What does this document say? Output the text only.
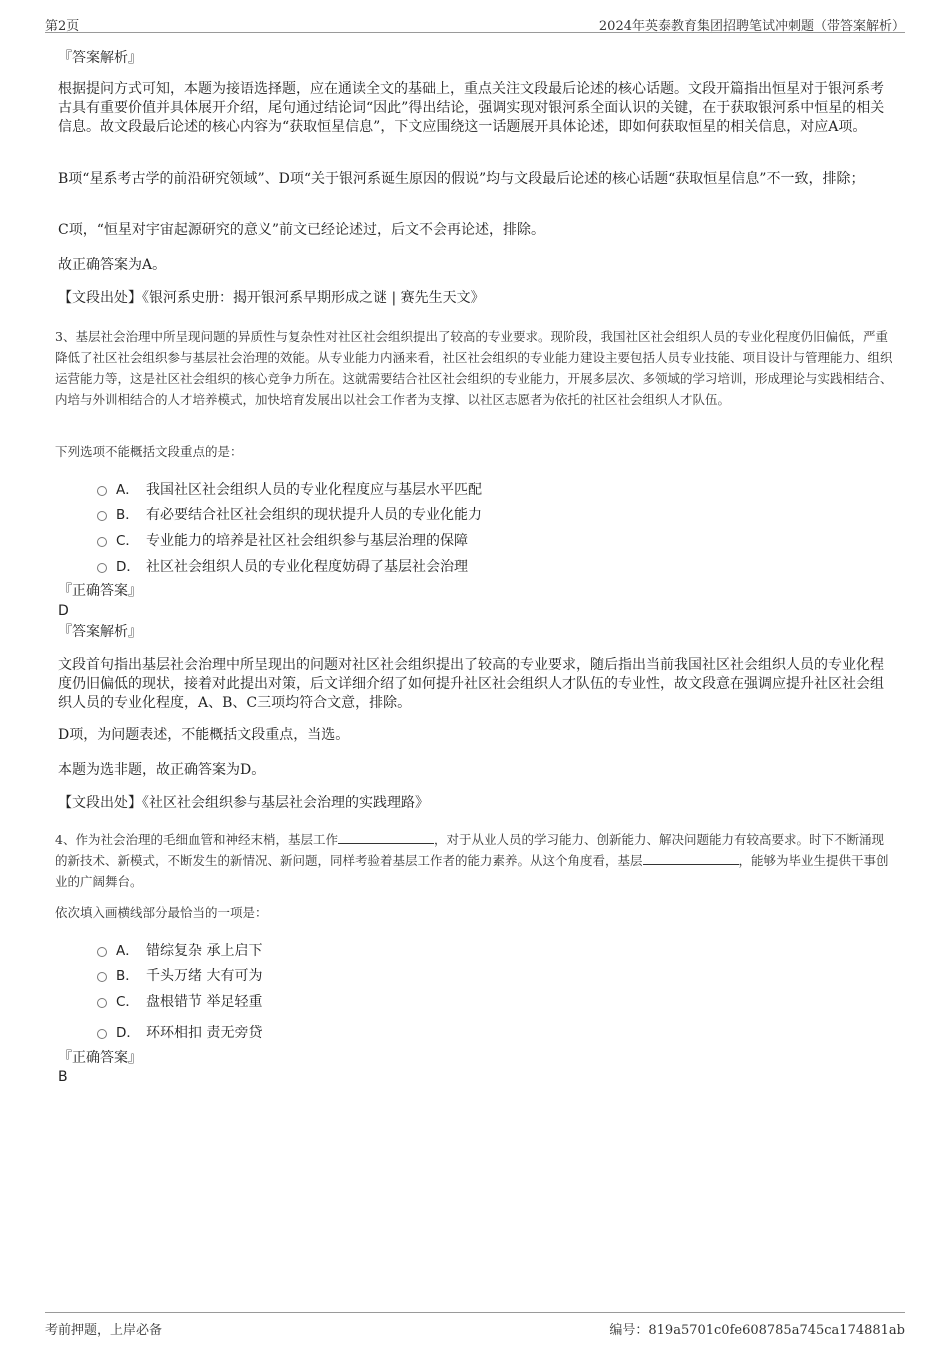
第2页	2024年英泰教育集团招聘笔试冲刺题（带答案解析）
『答案解析』
根据提问方式可知，本题为接语选择题，应在通读全文的基础上，重点关注文段最后论述的核心话题。文段开篇指出恒星对于银河系考古具有重要价值并具体展开介绍，尾句通过结论词“因此”得出结论，强调实现对银河系全面认识的关键，在于获取银河系中恒星的相关信息。故文段最后论述的核心内容为“获取恒星信息”，下文应围绕这一话题展开具体论述，即如何获取恒星的相关信息，对应A项。
B项“星系考古学的前沿研究领域”、D项“关于银河系诞生原因的假说”均与文段最后论述的核心话题“获取恒星信息”不一致，排除；
C项，“恒星对宇宙起源研究的意义”前文已经论述过，后文不会再论述，排除。
故正确答案为A。
【文段出处】《银河系史册：揭开银河系早期形成之谜 | 赛先生天文》
3、基层社会治理中所呈现问题的异质性与复杂性对社区社会组织提出了较高的专业要求。现阶段，我国社区社会组织人员的专业化程度仍旧偏低，严重降低了社区社会组织参与基层社会治理的效能。从专业能力内涵来看，社区社会组织的专业能力建设主要包括人员专业技能、项目设计与管理能力、组织运营能力等，这是社区社会组织的核心竞争力所在。这就需要结合社区社会组织的专业能力，开展多层次、多领域的学习培训，形成理论与实践相结合、内培与外训相结合的人才培养模式，加快培育发展出以社会工作者为支撑、以社区志愿者为依托的社区社会组织人才队伍。
下列选项不能概括文段重点的是：
A． 我国社区社会组织人员的专业化程度应与基层水平匹配
B． 有必要结合社区社会组织的现状提升人员的专业化能力
C． 专业能力的培养是社区社会组织参与基层治理的保障
D． 社区社会组织人员的专业化程度妨碍了基层社会治理
『正确答案』
D
『答案解析』
文段首句指出基层社会治理中所呈现出的问题对社区社会组织提出了较高的专业要求，随后指出当前我国社区社会组织人员的专业化程度仍旧偏低的现状，接着对此提出对策，后文详细介绍了如何提升社区社会组织人才队伍的专业性，故文段意在强调应提升社区社会组织人员的专业化程度，A、B、C三项均符合文意，排除。
D项，为问题表述，不能概括文段重点，当选。
本题为选非题，故正确答案为D。
【文段出处】《社区社会组织参与基层社会治理的实践理路》
4、作为社会治理的毛细血管和神经末梢，基层工作	，对于从业人员的学习能力、创新能力、解决问题能力有较高要求。时下不断涌现的新技术、新模式，不断发生的新情况、新问题，同样考验着基层工作者的能力素养。从这个角度看，基层	，能够为毕业生提供干事创业的广阔舞台。
依次填入画横线部分最恰当的一项是：
A． 错综复杂 承上启下
B． 千头万绪 大有可为
C． 盘根错节 举足轻重
D． 环环相扣 责无旁贷
『正确答案』
B
考前押题，上岸必备	编号：819a5701c0fe608785a745ca174881ab
